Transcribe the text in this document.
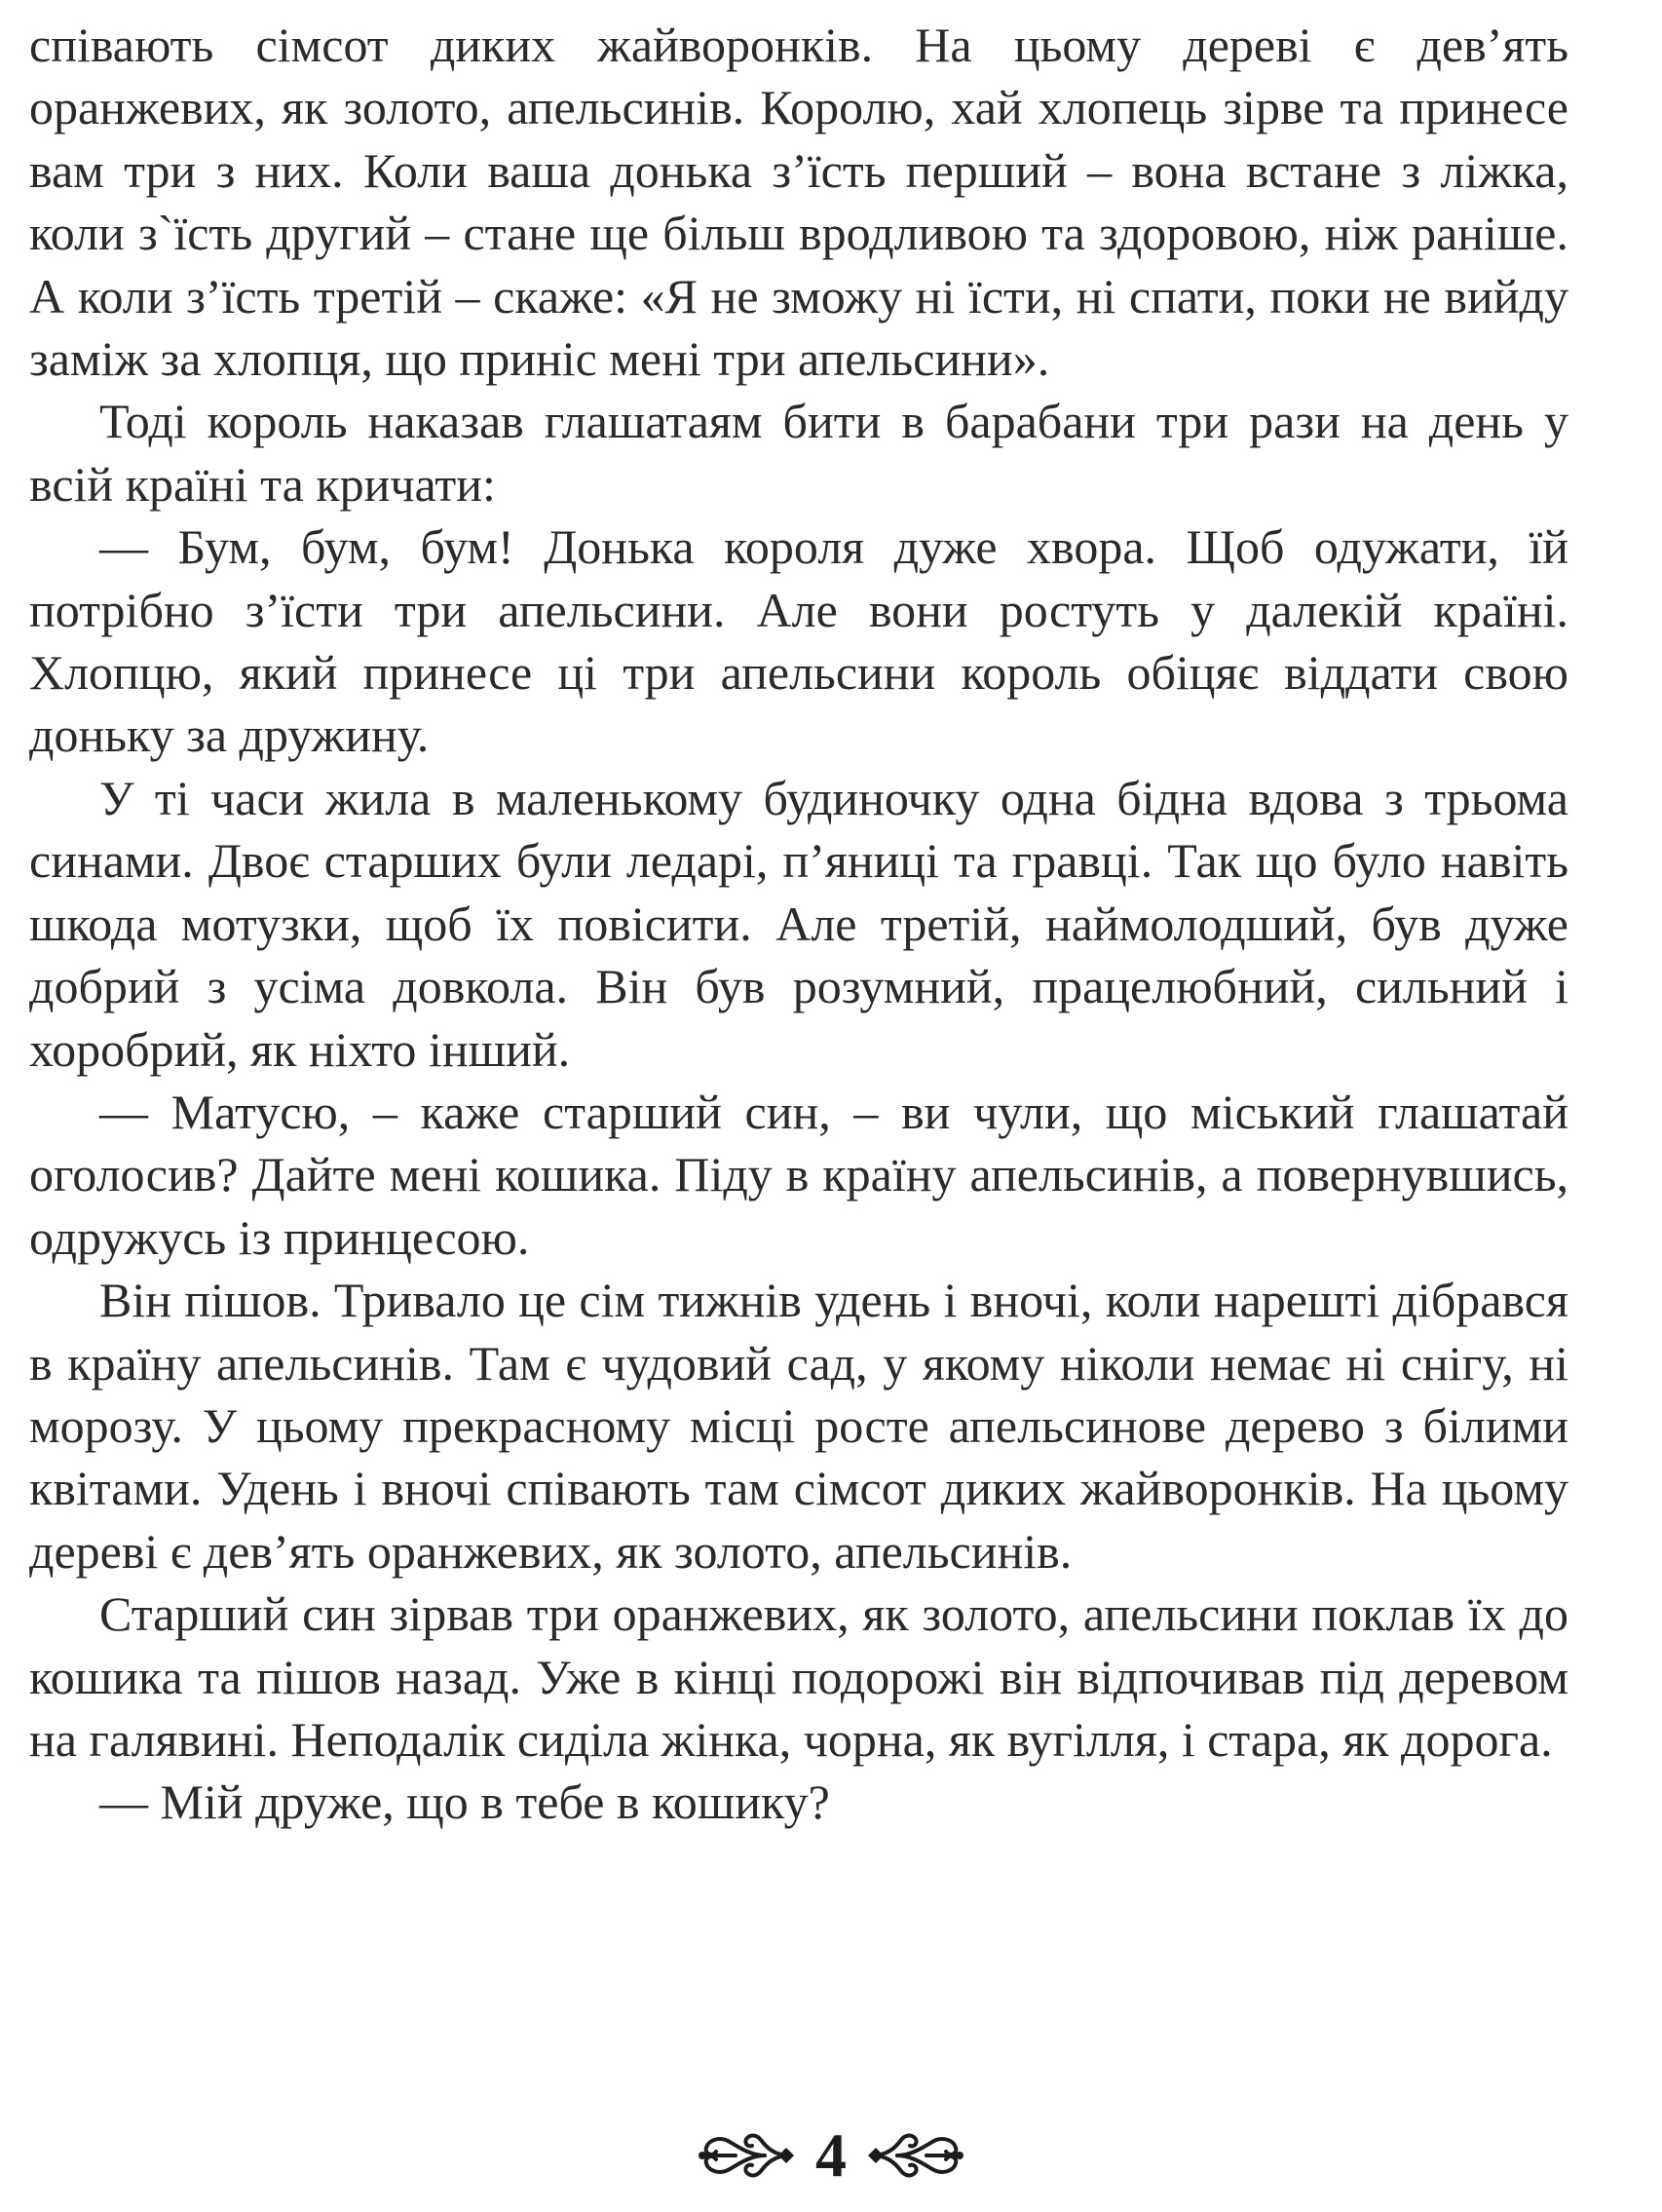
співають сімсот диких жайворонків. На цьому дереві є дев’ять оранжевих, як золото, апельсинів. Королю, хай хлопець зірве та принесе вам три з них. Коли ваша донька з’їсть перший – вона встане з ліжка, коли з`їсть другий – стане ще більш вродливою та здоровою, ніж раніше. А коли з’їсть третій – скаже: «Я не зможу ні їсти, ні спати, поки не вийду заміж за хлопця, що приніс мені три апельсини».

Тоді король наказав глашатаям бити в барабани три рази на день у всій країні та кричати:

— Бум, бум, бум! Донька короля дуже хвора. Щоб одужати, їй потрібно з’їсти три апельсини. Але вони ростуть у далекій країні. Хлопцю, який принесе ці три апельсини король обіцяє віддати свою доньку за дружину.

У ті часи жила в маленькому будиночку одна бідна вдова з трьома синами. Двоє старших були ледарі, п’яниці та гравці. Так що було навіть шкода мотузки, щоб їх повісити. Але третій, наймолодший, був дуже добрий з усіма довкола. Він був розумний, працелюбний, сильний і хоробрий, як ніхто інший.

— Матусю, – каже старший син, – ви чули, що міський глашатай оголосив? Дайте мені кошика. Піду в країну апельсинів, а повернувшись, одружусь із принцесою.

Він пішов. Тривало це сім тижнів удень і вночі, коли нарешті дібрався в країну апельсинів. Там є чудовий сад, у якому ніколи немає ні снігу, ні морозу. У цьому прекрасному місці росте апельсинове дерево з білими квітами. Удень і вночі співають там сімсот диких жайворонків. На цьому дереві є дев’ять оранжевих, як золото, апельсинів.

Старший син зірвав три оранжевих, як золото, апельсини поклав їх до кошика та пішов назад. Уже в кінці подорожі він відпочивав під деревом на галявині. Неподалік сиділа жінка, чорна, як вугілля, і стара, як дорога.

— Мій друже, що в тебе в кошику?

4
